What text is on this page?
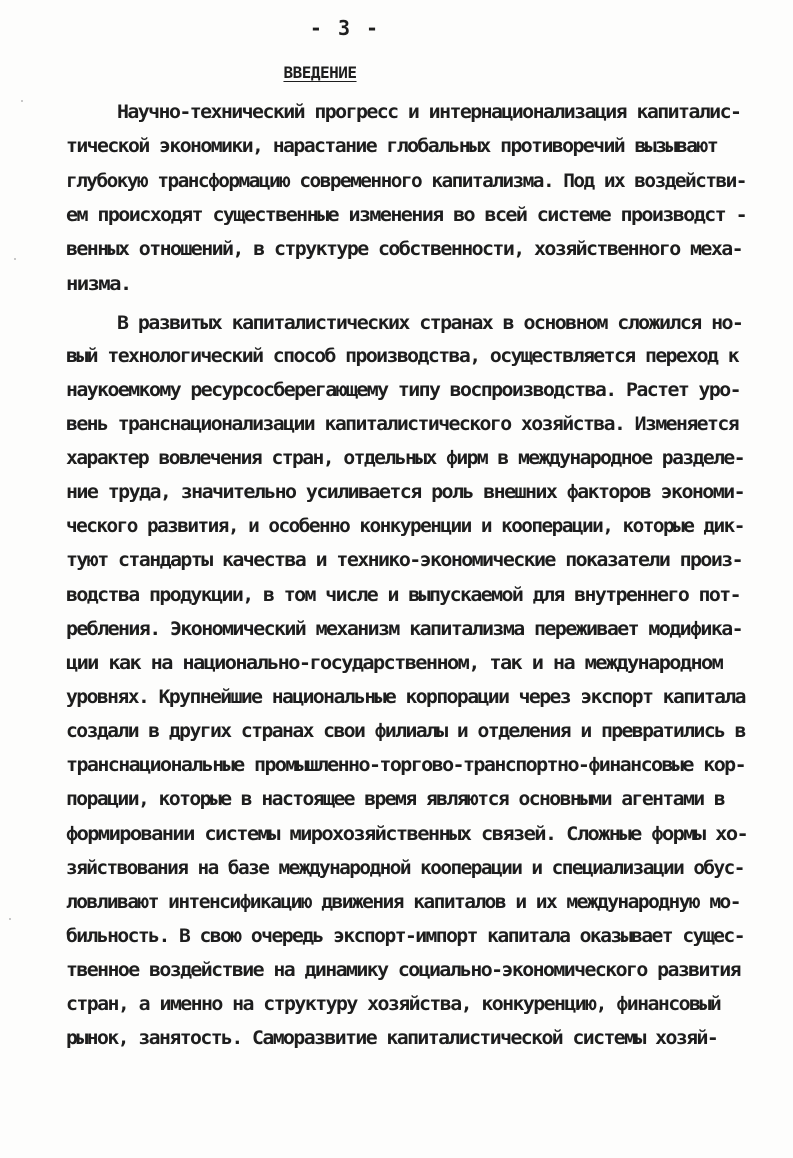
- 3 -
ВВЕДЕНИЕ
Научно-технический прогресс и интернационализация капиталис-
тической экономики, нарастание глобальных противоречий вызывают
глубокую трансформацию современного капитализма. Под их воздействи-
ем происходят существенные изменения во всей системе производст -
венных отношений, в структуре собственности, хозяйственного меха-
низма.
В развитых капиталистических странах в основном сложился но-
вый технологический способ производства, осуществляется переход к
наукоемкому ресурсосберегающему типу воспроизводства. Растет уро-
вень транснационализации капиталистического хозяйства. Изменяется
характер вовлечения стран, отдельных фирм в международное разделе-
ние труда, значительно усиливается роль внешних факторов экономи-
ческого развития, и особенно конкуренции и кооперации, которые дик-
туют стандарты качества и технико-экономические показатели произ-
водства продукции, в том числе и выпускаемой для внутреннего пот-
ребления. Экономический механизм капитализма переживает модифика-
ции как на национально-государственном, так и на международном
уровнях. Крупнейшие национальные корпорации через экспорт капитала
создали в других странах свои филиалы и отделения и превратились в
транснациональные промышленно-торгово-транспортно-финансовые кор-
порации, которые в настоящее время являются основными агентами в
формировании системы мирохозяйственных связей. Сложные формы хо-
зяйствования на базе международной кооперации и специализации обус-
ловливают интенсификацию движения капиталов и их международную мо-
бильность. В свою очередь экспорт-импорт капитала оказывает сущес-
твенное воздействие на динамику социально-экономического развития
стран, а именно на структуру хозяйства, конкуренцию, финансовый
рынок, занятость. Саморазвитие капиталистической системы хозяй-
